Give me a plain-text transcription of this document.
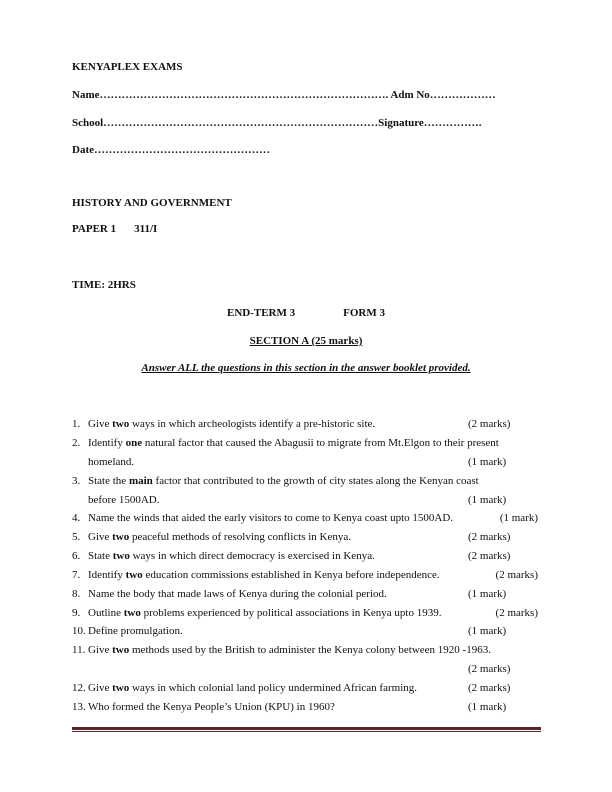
KENYAPLEX EXAMS
Name……………………………………………………………………. Adm No………………
School…………………………………………………………………Signature…………….
Date…………………………………………
HISTORY AND GOVERNMENT
PAPER 1 311/I
TIME: 2HRS
END-TERM 3	FORM 3
SECTION A (25 marks)
Answer ALL the questions in this section in the answer booklet provided.
1. Give two ways in which archeologists identify a pre-historic site.	(2 marks)
2. Identify one natural factor that caused the Abagusii to migrate from Mt.Elgon to their present
homeland.	(1 mark)
3. State the main factor that contributed to the growth of city states along the Kenyan coast
before 1500AD.	(1 mark)
4. Name the winds that aided the early visitors to come to Kenya coast upto 1500AD.	(1 mark)
5. Give two peaceful methods of resolving conflicts in Kenya.	(2 marks)
6. State two ways in which direct democracy is exercised in Kenya.	(2 marks)
7. Identify two education commissions established in Kenya before independence.	(2 marks)
8. Name the body that made laws of Kenya during the colonial period.	(1 mark)
9. Outline two problems experienced by political associations in Kenya upto 1939.	(2 marks)
10. Define promulgation.	(1 mark)
11. Give two methods used by the British to administer the Kenya colony between 1920 -1963.
(2 marks)
12. Give two ways in which colonial land policy undermined African farming.	(2 marks)
13. Who formed the Kenya People’s Union (KPU) in 1960?	(1 mark)
